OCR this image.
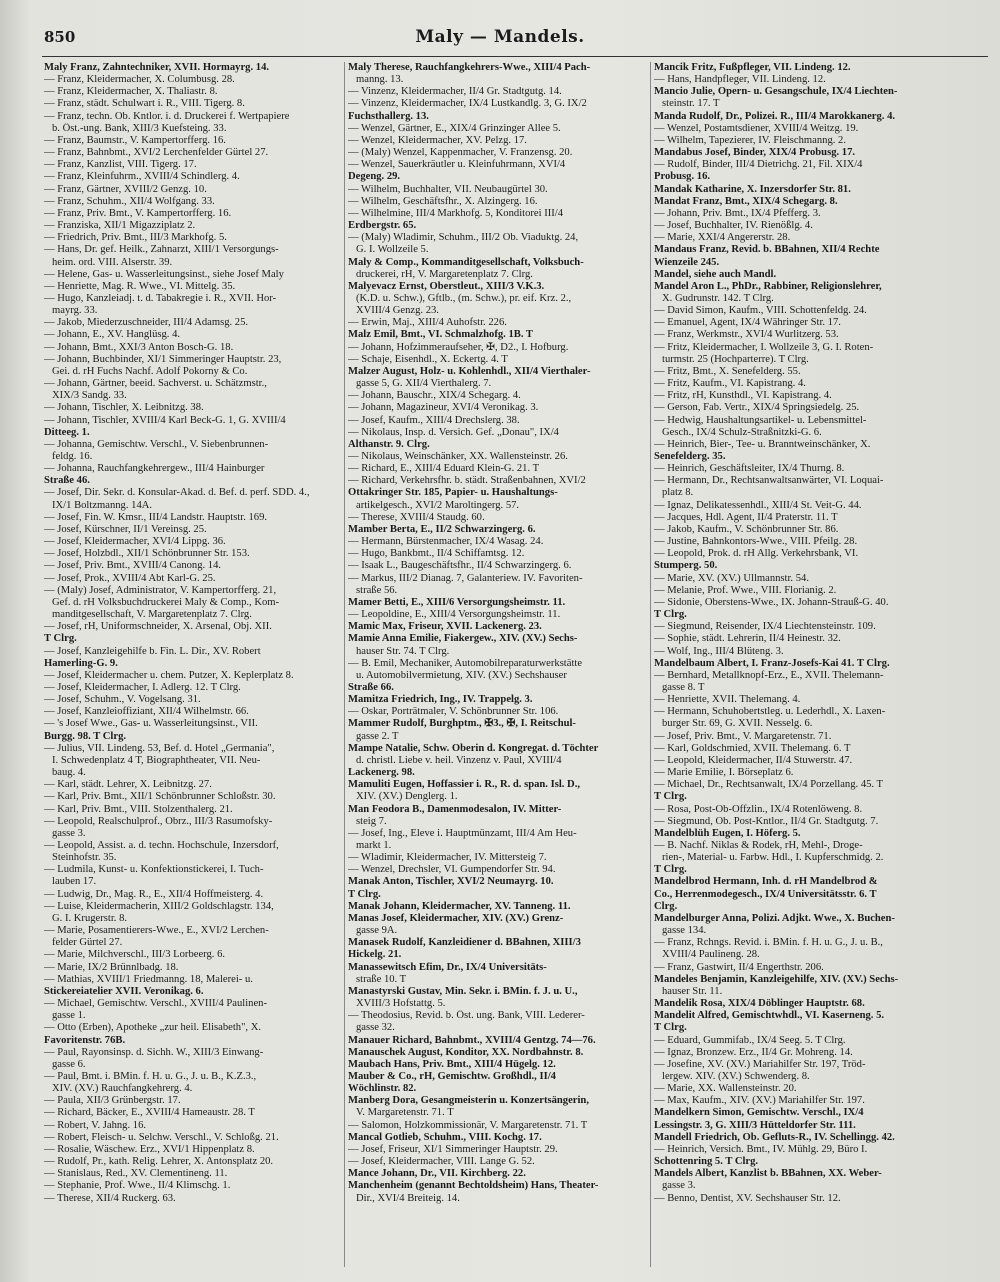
850	Maly — Mandels.
Maly Franz, Zahntechniker, XVII. Hormayrg. 14.
— Franz, Kleidermacher, X. Columbusg. 28.
— Franz, Kleidermacher, X. Thaliastr. 8.
— Franz, städt. Schulwart i. R., VIII. Tigerg. 8.
— Franz, techn. Ob. Kntlor. i. d. Druckerei f. Wertpapiere
b. Öst.-ung. Bank, XIII/3 Kuefsteing. 33.
— Franz, Baumstr., V. Kampertorfferg. 16.
— Franz, Bahnbmt., XVI/2 Lerchenfelder Gürtel 27.
— Franz, Kanzlist, VIII. Tigerg. 17.
— Franz, Kleinfuhrm., XVIII/4 Schindlerg. 4.
— Franz, Gärtner, XVIII/2 Genzg. 10.
— Franz, Schuhm., XII/4 Wolfgang. 33.
— Franz, Priv. Bmt., V. Kampertorfferg. 16.
— Franziska, XII/1 Migazziplatz 2.
— Friedrich, Priv. Bmt., III/3 Markhofg. 5.
— Hans, Dr. gef. Heilk., Zahnarzt, XIII/1 Versorgungs-
heim. ord. VIII. Alserstr. 39.
— Helene, Gas- u. Wasserleitungsinst., siehe Josef Maly
— Henriette, Mag. R. Wwe., VI. Mittelg. 35.
— Hugo, Kanzleiadj. t. d. Tabakregie i. R., XVII. Hor-
mayrg. 33.
— Jakob, Miederzuschneider, III/4 Adamsg. 25.
— Johann, E., XV. Hanglüsg. 4.
— Johann, Bmt., XXI/3 Anton Bosch-G. 18.
— Johann, Buchbinder, XI/1 Simmeringer Hauptstr. 23,
Gei. d. rH Fuchs Nachf. Adolf Pokorny & Co.
— Johann, Gärtner, beeid. Sachverst. u. Schätzmstr.,
XIX/3 Sandg. 33.
— Johann, Tischler, X. Leibnitzg. 38.
— Johann, Tischler, XVIII/4 Karl Beck-G. 1, G. XVIII/4
Ditteeg. 1.
— Johanna, Gemischtw. Verschl., V. Siebenbrunnen-
feldg. 16.
— Johanna, Rauchfangkehrergew., III/4 Hainburger
Straße 46.
— Josef, Dir. Sekr. d. Konsular-Akad. d. Bef. d. perf. SDD. 4.,
IX/1 Boltzmanng. 14A.
— Josef, Fin. W. Kmsr., III/4 Landstr. Hauptstr. 169.
— Josef, Kürschner, II/1 Vereinsg. 25.
— Josef, Kleidermacher, XVI/4 Lippg. 36.
— Josef, Holzbdl., XII/1 Schönbrunner Str. 153.
— Josef, Priv. Bmt., XVIII/4 Canong. 14.
— Josef, Prok., XVIII/4 Abt Karl-G. 25.
— (Maly) Josef, Administrator, V. Kampertorfferg. 21,
Gef. d. rH Volksbuchdruckerei Maly & Comp., Kom-
manditgesellschaft, V. Margaretenplatz 7. Clrg.
— Josef, rH, Uniformschneider, X. Arsenal, Obj. XII.
T Clrg.
— Josef, Kanzleigehilfe b. Fin. L. Dir., XV. Robert
Hamerling-G. 9.
— Josef, Kleidermacher u. chem. Putzer, X. Keplerplatz 8.
— Josef, Kleidermacher, I. Adlerg. 12. T Clrg.
— Josef, Schuhm., V. Vogelsang. 31.
— Josef, Kanzleioffiziant, XII/4 Wilhelmstr. 66.
— 's Josef Wwe., Gas- u. Wasserleitungsinst., VII.
Burgg. 98. T Clrg.
— Julius, VII. Lindeng. 53, Bef. d. Hotel „Germania",
I. Schwedenplatz 4 T, Biographtheater, VII. Neu-
baug. 4.
— Karl, städt. Lehrer, X. Leibnitzg. 27.
— Karl, Priv. Bmt., XII/1 Schönbrunner Schloßstr. 30.
— Karl, Priv. Bmt., VIII. Stolzenthalerg. 21.
— Leopold, Realschulprof., Obrz., III/3 Rasumofsky-
gasse 3.
— Leopold, Assist. a. d. techn. Hochschule, Inzersdorf,
Steinhofstr. 35.
— Ludmila, Kunst- u. Konfektionstickerei, I. Tuch-
lauben 17.
— Ludwig, Dr., Mag. R., E., XII/4 Hoffmeisterg. 4.
— Luise, Kleidermacherin, XIII/2 Goldschlagstr. 134,
G. I. Krugerstr. 8.
— Marie, Posamentierers-Wwe., E., XVI/2 Lerchen-
felder Gürtel 27.
— Marie, Milchverschl., III/3 Lorbeerg. 6.
— Marie, IX/2 Brünnlbadg. 18.
— Mathias, XVIII/1 Friedmanng. 18, Malerei- u.
Stickereiatelier XVII. Veronikag. 6.
— Michael, Gemischtw. Verschl., XVIII/4 Paulinen-
gasse 1.
— Otto (Erben), Apotheke „zur heil. Elisabeth", X.
Favoritenstr. 76B.
— Paul, Rayonsinsp. d. Sichh. W., XIII/3 Einwang-
gasse 6.
— Paul, Bmt. i. BMin. f. H. u. G., J. u. B., K.Z.3.,
XIV. (XV.) Rauchfangkehrerg. 4.
— Paula, XII/3 Grünbergstr. 17.
— Richard, Bäcker, E., XVIII/4 Hameaustr. 28. T
— Robert, V. Jahng. 16.
— Robert, Fleisch- u. Selchw. Verschl., V. Schloßg. 21.
— Rosalie, Wäschew. Erz., XVI/1 Hippenplatz 8.
— Rudolf, Pr., kath. Relig. Lehrer, X. Antonsplatz 20.
— Stanislaus, Red., XV. Clementineng. 11.
— Stephanie, Prof. Wwe., II/4 Klimschg. 1.
— Therese, XII/4 Ruckerg. 63.
Maly Therese, Rauchfangkehrers-Wwe., XIII/4 Pach-
manng. 13.
— Vinzenz, Kleidermacher, II/4 Gr. Stadtgutg. 14.
— Vinzenz, Kleidermacher, IX/4 Lustkandlg. 3, G. IX/2
Fuchsthallerg. 13.
— Wenzel, Gärtner, E., XIX/4 Grinzinger Allee 5.
— Wenzel, Kleidermacher, XV. Pelzg. 17.
— (Maly) Wenzel, Kappenmacher, V. Franzensg. 20.
— Wenzel, Sauerkräutler u. Kleinfuhrmann, XVI/4
Degeng. 29.
— Wilhelm, Buchhalter, VII. Neubaugürtel 30.
— Wilhelm, Geschäftsfhr., X. Alzingerg. 16.
— Wilhelmine, III/4 Markhofg. 5, Konditorei III/4
Erdbergstr. 65.
— (Maly) Wladimir, Schuhm., III/2 Ob. Viaduktg. 24,
G. I. Wollzeile 5.
Maly & Comp., Kommanditgesellschaft, Volksbuch-
druckerei, rH, V. Margaretenplatz 7. Clrg.
Malyevacz Ernst, Oberstleut., XIII/3 V.K.3.
(K.D. u. Schw.), Gftlb., (m. Schw.), pr. eif. Krz. 2.,
XVIII/4 Genzg. 23.
— Erwin, Maj., XIII/4 Auhofstr. 226.
Malz Emil, Bmt., VI. Schmalzhofg. 1B. T
— Johann, Hofzimmeraufseher, ✠, D2., I. Hofburg.
— Schaje, Eisenhdl., X. Eckertg. 4. T
Malzer August, Holz- u. Kohlenhdl., XII/4 Vierthaler-
gasse 5, G. XII/4 Vierthalerg. 7.
— Johann, Bauschr., XIX/4 Schegarg. 4.
— Johann, Magazineur, XVI/4 Veronikag. 3.
— Josef, Kaufm., XIII/4 Drechslerg. 38.
— Nikolaus, Insp. d. Versich. Gef. „Donau", IX/4
Althanstr. 9. Clrg.
— Nikolaus, Weinschänker, XX. Wallensteinstr. 26.
— Richard, E., XIII/4 Eduard Klein-G. 21. T
— Richard, Verkehrsfhr. b. städt. Straßenbahnen, XVI/2
Ottakringer Str. 185, Papier- u. Haushaltungs-
artikelgesch., XVI/2 Maroltingerg. 57.
— Therese, XVIII/4 Staudg. 60.
Mamber Berta, E., II/2 Schwarzingerg. 6.
— Hermann, Bürstenmacher, IX/4 Wasag. 24.
— Hugo, Bankbmt., II/4 Schiffamtsg. 12.
— Isaak L., Baugeschäftsfhr., II/4 Schwarzingerg. 6.
— Markus, III/2 Dianag. 7, Galanteriew. IV. Favoriten-
straße 56.
Mamer Betti, E., XIII/6 Versorgungsheimstr. 11.
— Leopoldine, E., XIII/4 Versorgungsheimstr. 11.
Mamic Max, Friseur, XVII. Lackenerg. 23.
Mamie Anna Emilie, Fiakergew., XIV. (XV.) Sechs-
hauser Str. 74. T Clrg.
— B. Emil, Mechaniker, Automobilreparaturwerkstätte
u. Automobilvermietung, XIV. (XV.) Sechshauser
Straße 66.
Mamitza Friedrich, Ing., IV. Trappelg. 3.
— Oskar, Porträtmaler, V. Schönbrunner Str. 106.
Mammer Rudolf, Burghptm., ✠3., ✠, I. Reitschul-
gasse 2. T
Mampe Natalie, Schw. Oberin d. Kongregat. d. Töchter
d. christl. Liebe v. heil. Vinzenz v. Paul, XVIII/4
Lackenerg. 98.
Mamuliti Eugen, Hoffassier i. R., R. d. span. Isl. D.,
XIV. (XV.) Denglerg. 1.
Man Feodora B., Damenmodesalon, IV. Mitter-
steig 7.
— Josef, Ing., Eleve i. Hauptmünzamt, III/4 Am Heu-
markt 1.
— Wladimir, Kleidermacher, IV. Mittersteig 7.
— Wenzel, Drechsler, VI. Gumpendorfer Str. 94.
Manak Anton, Tischler, XVI/2 Neumayrg. 10.
T Clrg.
Manak Johann, Kleidermacher, XV. Tanneng. 11.
Manas Josef, Kleidermacher, XIV. (XV.) Grenz-
gasse 9A.
Manasek Rudolf, Kanzleidiener d. BBahnen, XIII/3
Hickelg. 21.
Manassewitsch Efim, Dr., IX/4 Universitäts-
straße 10. T
Manastyrski Gustav, Min. Sekr. i. BMin. f. J. u. U.,
XVIII/3 Hofstattg. 5.
— Theodosius, Revid. b. Öst. ung. Bank, VIII. Lederer-
gasse 32.
Manauer Richard, Bahnbmt., XVIII/4 Gentzg. 74—76.
Manauschek August, Konditor, XX. Nordbahnstr. 8.
Maubach Hans, Priv. Bmt., XIII/4 Hügelg. 12.
Mauber & Co., rH, Gemischtw. Großhdl., II/4
Wöchlinstr. 82.
Manberg Dora, Gesangmeisterin u. Konzertsängerin,
V. Margaretenstr. 71. T
— Salomon, Holzkommissionär, V. Margaretenstr. 71. T
Mancal Gotlieb, Schuhm., VIII. Kochg. 17.
— Josef, Friseur, XI/1 Simmeringer Hauptstr. 29.
— Josef, Kleidermacher, VIII. Lange G. 52.
Mance Johann, Dr., VII. Kirchberg. 22.
Manchenheim (genannt Bechtoldsheim) Hans, Theater-
Dir., XVI/4 Breiteig. 14.
Mancik Fritz, Fußpfleger, VII. Lindeng. 12.
— Hans, Handpfleger, VII. Lindeng. 12.
Mancio Julie, Opern- u. Gesangschule, IX/4 Liechten-
steinstr. 17. T
Manda Rudolf, Dr., Polizei. R., III/4 Marokkanerg. 4.
— Wenzel, Postamtsdiener, XVIII/4 Weitzg. 19.
— Wilhelm, Tapezierer, IV. Fleischmanng. 2.
Mandabus Josef, Binder, XIX/4 Probusg. 17.
— Rudolf, Binder, III/4 Dietrichg. 21, Fil. XIX/4
Probusg. 16.
Mandak Katharine, X. Inzersdorfer Str. 81.
Mandat Franz, Bmt., XIX/4 Schegarg. 8.
— Johann, Priv. Bmt., IX/4 Pfefferg. 3.
— Josef, Buchhalter, IV. Rienößlg. 4.
— Marie, XXI/4 Angererstr. 28.
Mandaus Franz, Revid. b. BBahnen, XII/4 Rechte
Wienzeile 245.
Mandel, siehe auch Mandl.
Mandel Aron L., PhDr., Rabbiner, Religionslehrer,
X. Gudrunstr. 142. T Clrg.
— David Simon, Kaufm., VIII. Schottenfeldg. 24.
— Emanuel, Agent, IX/4 Währinger Str. 17.
— Franz, Werkmstr., XVI/4 Wurlitzerg. 53.
— Fritz, Kleidermacher, I. Wollzeile 3, G. I. Roten-
turmstr. 25 (Hochparterre). T Clrg.
— Fritz, Bmt., X. Senefelderg. 55.
— Fritz, Kaufm., VI. Kapistrang. 4.
— Fritz, rH, Kunsthdl., VI. Kapistrang. 4.
— Gerson, Fab. Vertr., XIX/4 Springsiedelg. 25.
— Hedwig, Haushaltungsartikel- u. Lebensmittel-
Gesch., IX/4 Schulz-Straßnitzki-G. 6.
— Heinrich, Bier-, Tee- u. Branntweinschänker, X.
Senefelderg. 35.
— Heinrich, Geschäftsleiter, IX/4 Thurng. 8.
— Hermann, Dr., Rechtsanwaltsanwärter, VI. Loquai-
platz 8.
— Ignaz, Delikatessenhdl., XIII/4 St. Veit-G. 44.
— Jacques, Hdl. Agent, II/4 Praterstr. 11. T
— Jakob, Kaufm., V. Schönbrunner Str. 86.
— Justine, Bahnkontors-Wwe., VIII. Pfeilg. 28.
— Leopold, Prok. d. rH Allg. Verkehrsbank, VI.
Stumperg. 50.
— Marie, XV. (XV.) Ullmannstr. 54.
— Melanie, Prof. Wwe., VIII. Florianig. 2.
— Sidonie, Oberstens-Wwe., IX. Johann-Strauß-G. 40.
T Clrg.
— Siegmund, Reisender, IX/4 Liechtensteinstr. 109.
— Sophie, städt. Lehrerin, II/4 Heinestr. 32.
— Wolf, Ing., III/4 Blüteng. 3.
Mandelbaum Albert, I. Franz-Josefs-Kai 41. T Clrg.
— Bernhard, Metallknopf-Erz., E., XVII. Thelemann-
gasse 8. T
— Henriette, XVII. Thelemang. 4.
— Hermann, Schuhobertstleg. u. Lederhdl., X. Laxen-
burger Str. 69, G. XVII. Nesselg. 6.
— Josef, Priv. Bmt., V. Margaretenstr. 71.
— Karl, Goldschmied, XVII. Thelemang. 6. T
— Leopold, Kleidermacher, II/4 Stuwerstr. 47.
— Marie Emilie, I. Börseplatz 6.
— Michael, Dr., Rechtsanwalt, IX/4 Porzellang. 45. T
T Clrg.
— Rosa, Post-Ob-Offzlin., IX/4 Rotenlöweng. 8.
— Siegmund, Ob. Post-Kntlor., II/4 Gr. Stadtgutg. 7.
Mandelblüh Eugen, I. Höferg. 5.
— B. Nachf. Niklas & Rodek, rH, Mehl-, Droge-
rien-, Material- u. Farbw. Hdl., I. Kupferschmidg. 2.
T Clrg.
Mandelbrod Hermann, Inh. d. rH Mandelbrod &
Co., Herrenmodegesch., IX/4 Universitätsstr. 6. T
Clrg.
Mandelburger Anna, Polizi. Adjkt. Wwe., X. Buchen-
gasse 134.
— Franz, Rchngs. Revid. i. BMin. f. H. u. G., J. u. B.,
XVIII/4 Paulineng. 28.
— Franz, Gastwirt, II/4 Engerthstr. 206.
Mandeles Benjamin, Kanzleigehilfe, XIV. (XV.) Sechs-
hauser Str. 11.
Mandelik Rosa, XIX/4 Döblinger Hauptstr. 68.
Mandelit Alfred, Gemischtwhdl., VI. Kaserneng. 5.
T Clrg.
— Eduard, Gummifab., IX/4 Seeg. 5. T Clrg.
— Ignaz, Bronzew. Erz., II/4 Gr. Mohreng. 14.
— Josefine, XV. (XV.) Mariahilfer Str. 197, Tröd-
lergew. XIV. (XV.) Schwenderg. 8.
— Marie, XX. Wallensteinstr. 20.
— Max, Kaufm., XIV. (XV.) Mariahilfer Str. 197.
Mandelkern Simon, Gemischtw. Verschl., IX/4
Lessingstr. 3, G. XIII/3 Hütteldorfer Str. 111.
Mandell Friedrich, Ob. Gefluts-R., IV. Schellingg. 42.
— Heinrich, Versich. Bmt., IV. Mühlg. 29, Büro I.
Schottenring 5. T Clrg.
Mandels Albert, Kanzlist b. BBahnen, XX. Weber-
gasse 3.
— Benno, Dentist, XV. Sechshauser Str. 12.
